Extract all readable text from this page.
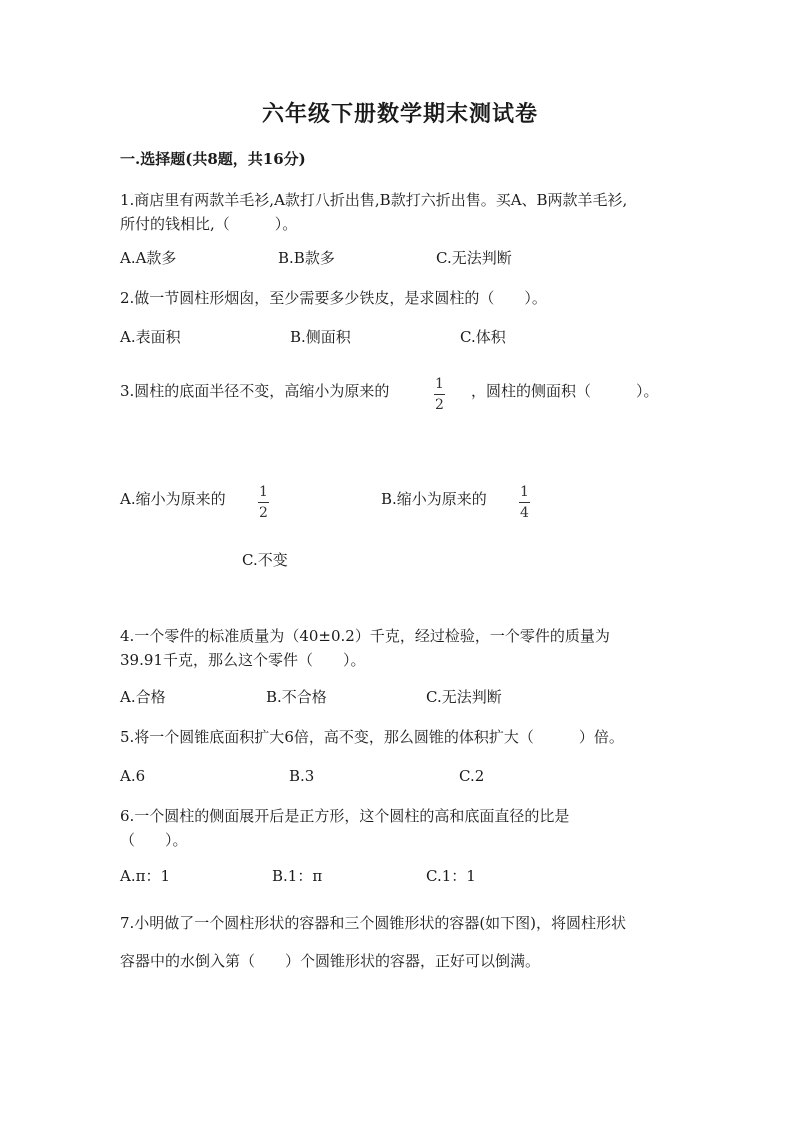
六年级下册数学期末测试卷
一.选择题(共8题，共16分)
1.商店里有两款羊毛衫,A款打八折出售,B款打六折出售。买A、B两款羊毛衫,
所付的钱相比,（　　　）。
A.A款多	B.B款多	C.无法判断
2.做一节圆柱形烟囱，至少需要多少铁皮，是求圆柱的（　　）。
A.表面积	B.侧面积	C.体积
3.圆柱的底面半径不变，高缩小为原来的	1
2
，圆柱的侧面积（　　　）。
A.缩小为原来的 1
2
B.缩小为原来的 1
4
C.不变
4.一个零件的标准质量为（40±0.2）千克，经过检验，一个零件的质量为
39.91千克，那么这个零件（　　）。
A.合格	B.不合格	C.无法判断
5.将一个圆锥底面积扩大6倍，高不变，那么圆锥的体积扩大（　　　）倍。
A.6	B.3	C.2
6.一个圆柱的侧面展开后是正方形，这个圆柱的高和底面直径的比是
（　　）。
A.π：1	B.1：π	C.1：1
7.小明做了一个圆柱形状的容器和三个圆锥形状的容器(如下图)，将圆柱形状
容器中的水倒入第（　　）个圆锥形状的容器，正好可以倒满。
